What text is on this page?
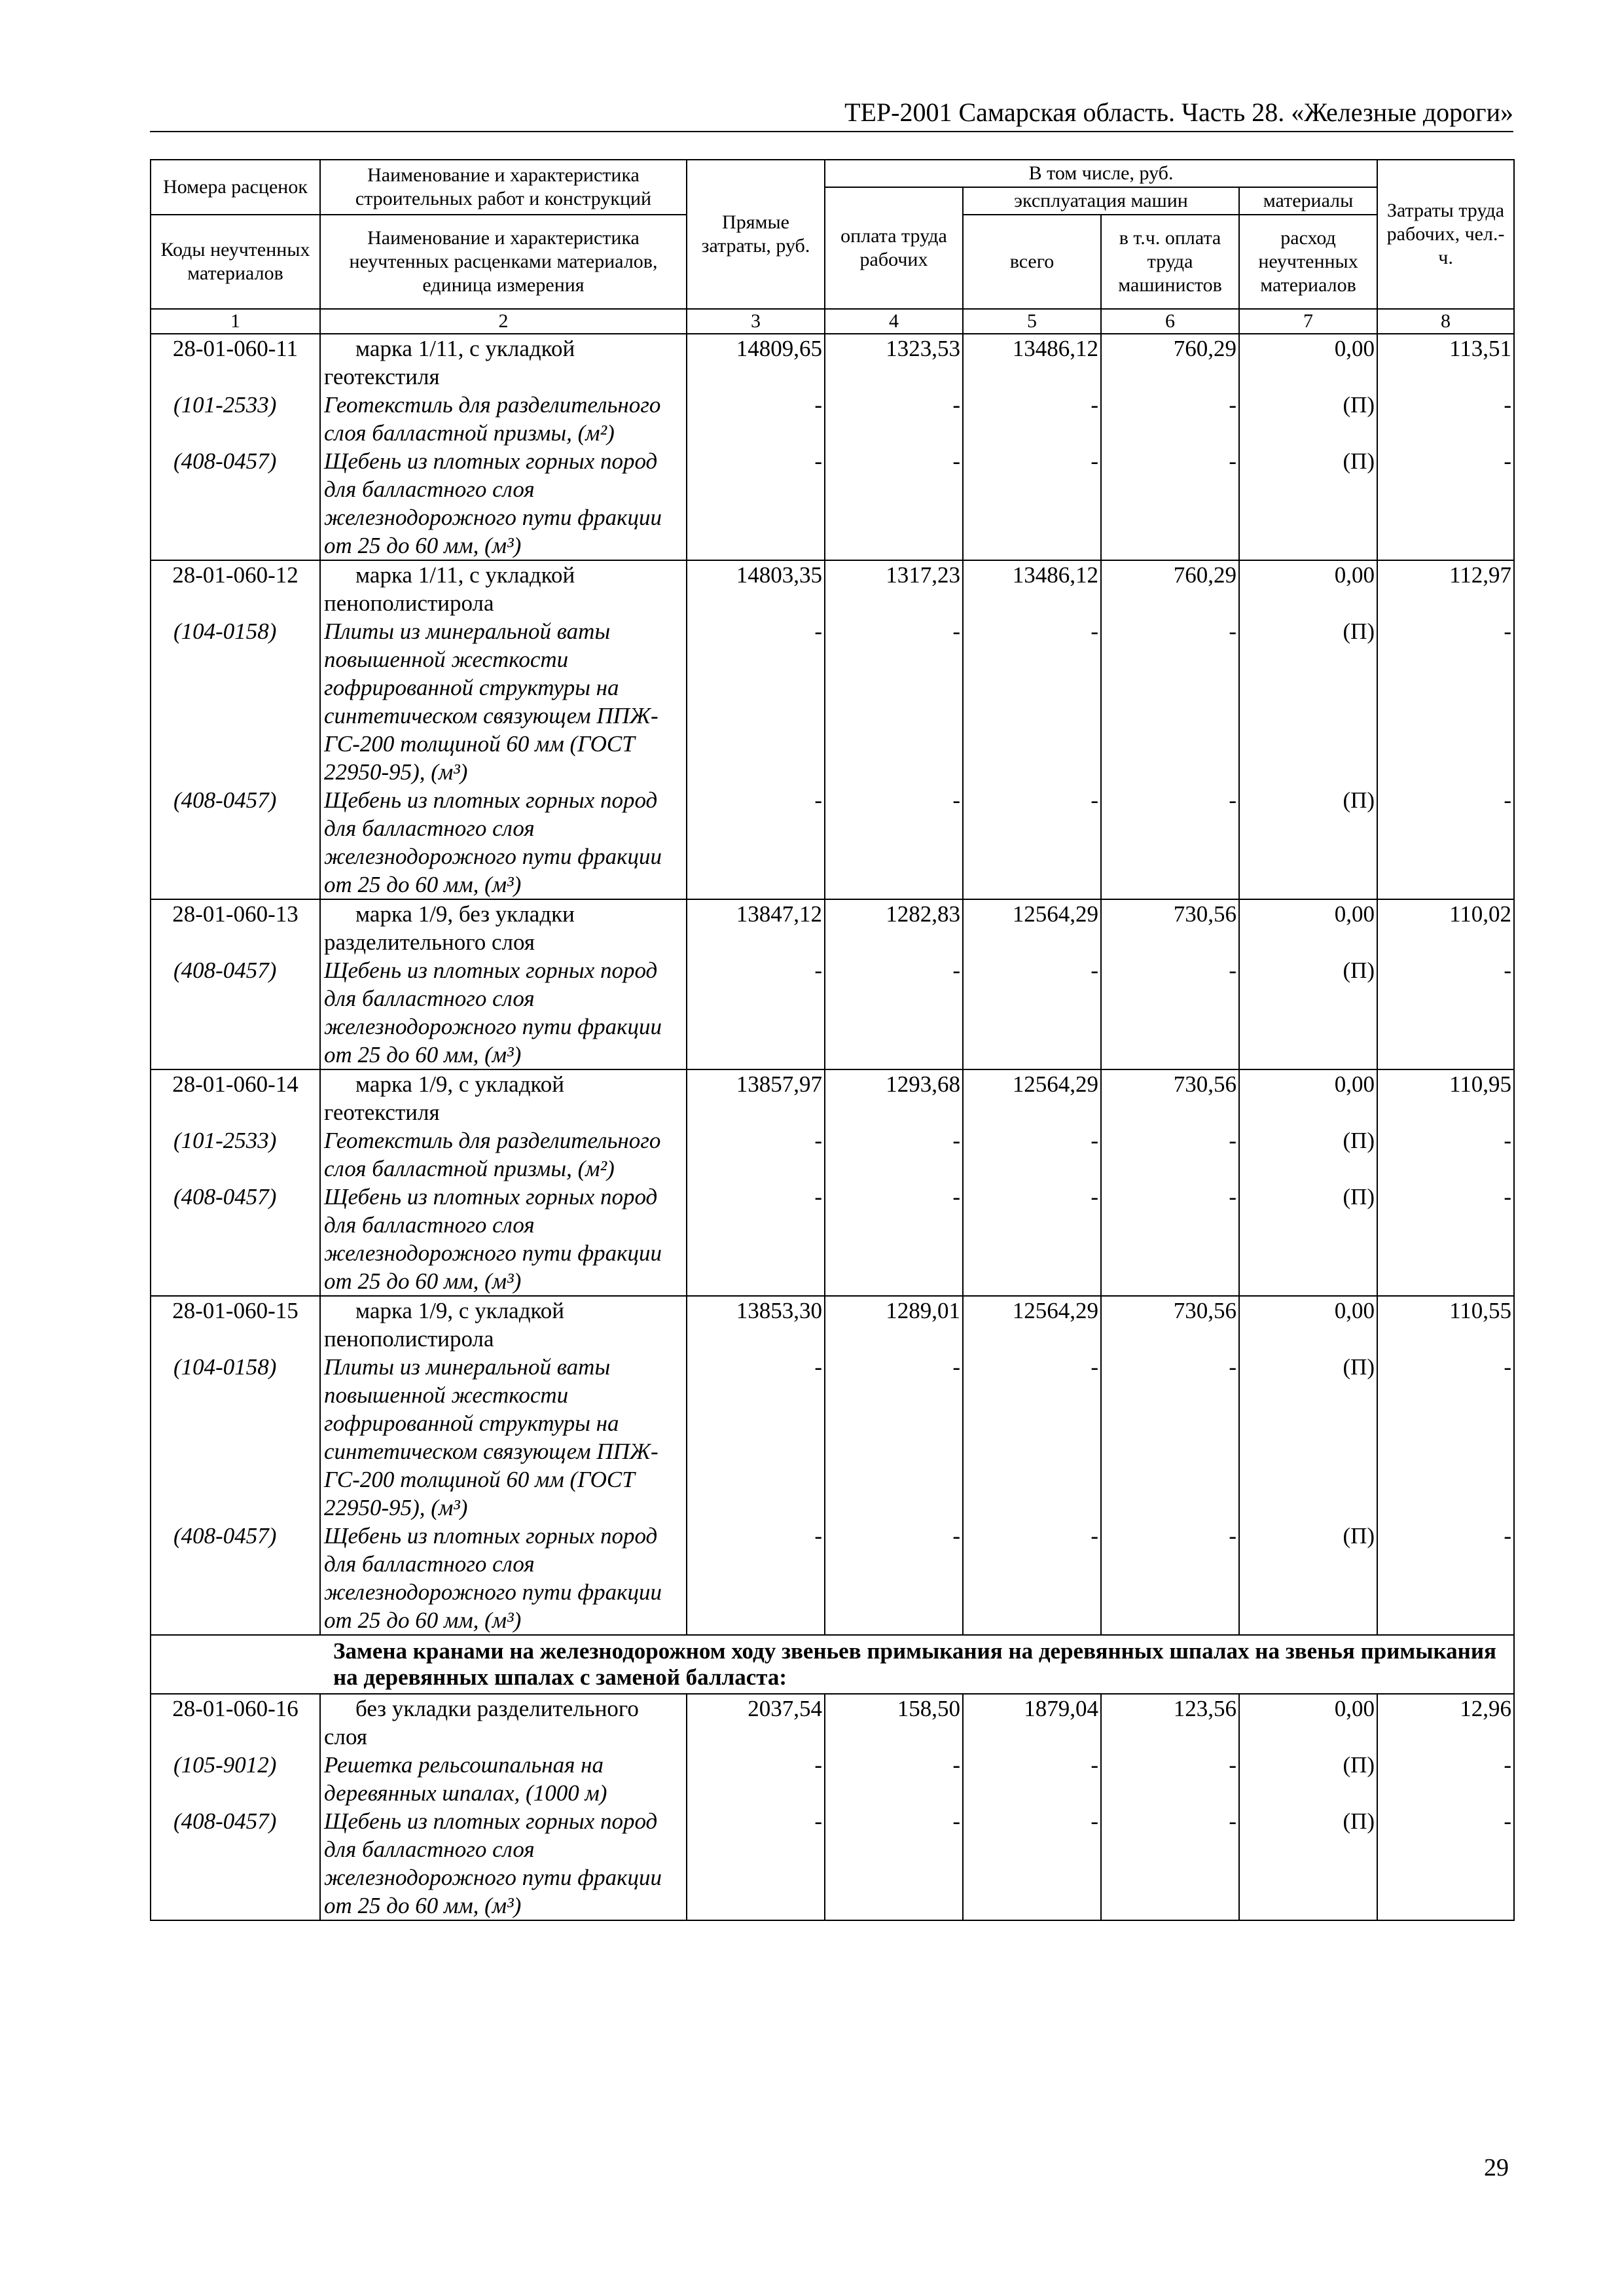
ТЕР-2001 Самарская область. Часть 28. «Железные дороги»
Номера расценок	Наименование и характеристика строительных работ и конструкций	Прямые затраты, руб.	В том числе, руб.				Затраты труда рабочих, чел.-ч.
			оплата труда рабочих	эксплуатация машин		материалы	
Коды неучтенных материалов	Наименование и характеристика неучтенных расценками материалов, единица измерения			всего	в т.ч. оплата труда машинистов	расход неучтенных материалов	

1	2	3	4	5	6	7	8
28-01-060-11	марка 1/11, с укладкой геотекстиля	14809,65	1323,53	13486,12	760,29	0,00	113,51
(101-2533)	Геотекстиль для разделительного слоя балластной призмы, (м²)	-	-	-	-	(П)	-
(408-0457)	Щебень из плотных горных пород для балластного слоя железнодорожного пути фракции от 25 до 60 мм, (м³)	-	-	-	-	(П)	-
28-01-060-12	марка 1/11, с укладкой пенополистирола	14803,35	1317,23	13486,12	760,29	0,00	112,97
(104-0158)	Плиты из минеральной ваты повышенной жесткости гофрированной структуры на синтетическом связующем ППЖ-ГС-200 толщиной 60 мм (ГОСТ 22950-95), (м³)	-	-	-	-	(П)	-
(408-0457)	Щебень из плотных горных пород для балластного слоя железнодорожного пути фракции от 25 до 60 мм, (м³)	-	-	-	-	(П)	-
28-01-060-13	марка 1/9, без укладки разделительного слоя	13847,12	1282,83	12564,29	730,56	0,00	110,02
(408-0457)	Щебень из плотных горных пород для балластного слоя железнодорожного пути фракции от 25 до 60 мм, (м³)	-	-	-	-	(П)	-
28-01-060-14	марка 1/9, с укладкой геотекстиля	13857,97	1293,68	12564,29	730,56	0,00	110,95
(101-2533)	Геотекстиль для разделительного слоя балластной призмы, (м²)	-	-	-	-	(П)	-
(408-0457)	Щебень из плотных горных пород для балластного слоя железнодорожного пути фракции от 25 до 60 мм, (м³)	-	-	-	-	(П)	-
28-01-060-15	марка 1/9, с укладкой пенополистирола	13853,30	1289,01	12564,29	730,56	0,00	110,55
(104-0158)	Плиты из минеральной ваты повышенной жесткости гофрированной структуры на синтетическом связующем ППЖ-ГС-200 толщиной 60 мм (ГОСТ 22950-95), (м³)	-	-	-	-	(П)	-
(408-0457)	Щебень из плотных горных пород для балластного слоя железнодорожного пути фракции от 25 до 60 мм, (м³)	-	-	-	-	(П)	-
Замена кранами на железнодорожном ходу звеньев примыкания на деревянных шпалах на звенья примыкания на деревянных шпалах с заменой балласта:							
28-01-060-16	без укладки разделительного слоя	2037,54	158,50	1879,04	123,56	0,00	12,96
(105-9012)	Решетка рельсошпальная на деревянных шпалах, (1000 м)	-	-	-	-	(П)	-
(408-0457)	Щебень из плотных горных пород для балластного слоя железнодорожного пути фракции от 25 до 60 мм, (м³)	-	-	-	-	(П)	-
29
